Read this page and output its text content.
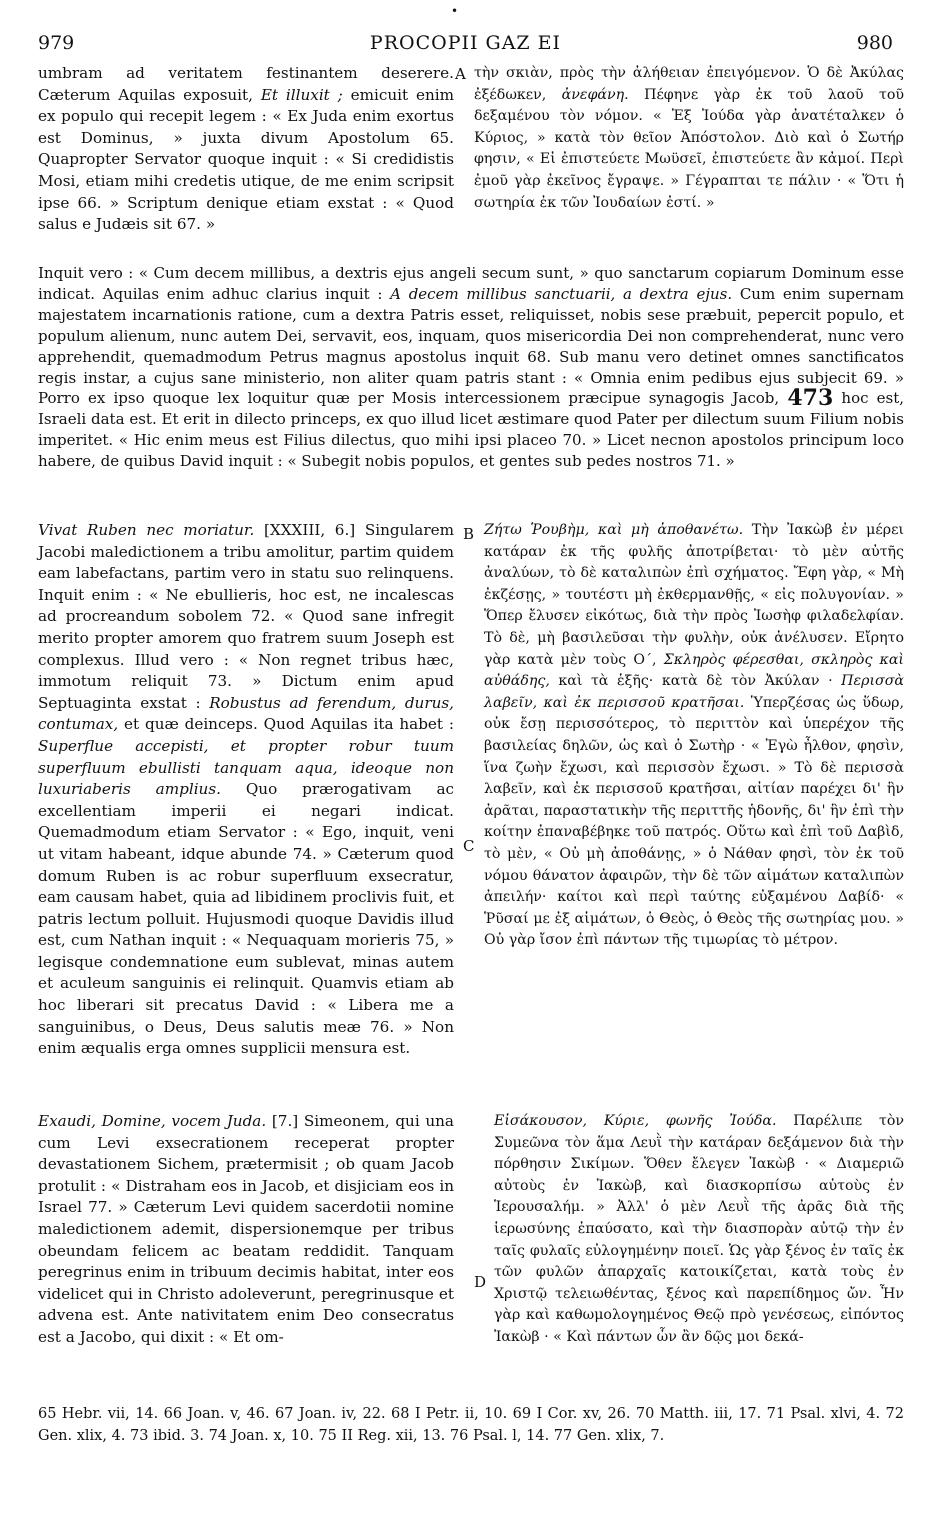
•
979	PROCOPII GAZ EI	980
umbram ad veritatem festinantem deserere. Cæterum Aquilas exposuit, Et illuxit ; emicuit enim ex populo qui recepit legem : « Ex Juda enim exortus est Dominus, » juxta divum Apostolum 65. Quapropter Servator quoque inquit : « Si credidistis Mosi, etiam mihi credetis utique, de me enim scripsit ipse 66. » Scriptum denique etiam exstat : « Quod salus e Judæis sit 67. »
A τὴν σκιὰν, πρὸς τὴν ἀλήθειαν ἐπειγόμενον. Ὁ δὲ Ἀκύλας ἐξέδωκεν, ἀνεφάνη. Πέφηνε γὰρ ἐκ τοῦ λαοῦ τοῦ δεξαμένου τὸν νόμον. « Ἐξ Ἰούδα γὰρ ἀνατέταλκεν ὁ Κύριος, » κατὰ τὸν θεῖον Ἀπόστολον. Διὸ καὶ ὁ Σωτήρ φησιν, « Εἰ ἐπιστεύετε Μωϋσεῖ, ἐπιστεύετε ἂν κἀμοί. Περὶ ἐμοῦ γὰρ ἐκεῖνος ἔγραψε. » Γέγραπται τε πάλιν · « Ὅτι ἡ σωτηρία ἐκ τῶν Ἰουδαίων ἐστί. »
Inquit vero : « Cum decem millibus, a dextris ejus angeli secum sunt, » quo sanctarum copiarum Dominum esse indicat. Aquilas enim adhuc clarius inquit : A decem millibus sanctuarii, a dextra ejus. Cum enim supernam majestatem incarnationis ratione, cum a dextra Patris esset, reliquisset, nobis sese præbuit, pepercit populo, et populum alienum, nunc autem Dei, servavit, eos, inquam, quos misericordia Dei non comprehenderat, nunc vero apprehendit, quemadmodum Petrus magnus apostolus inquit 68. Sub manu vero detinet omnes sanctificatos regis instar, a cujus sane ministerio, non aliter quam patris stant : « Omnia enim pedibus ejus subjecit 69. » Porro ex ipso quoque lex loquitur quæ per Mosis intercessionem præcipue synagogis Jacob, 473 hoc est, Israeli data est. Et erit in dilecto princeps, ex quo illud licet æstimare quod Pater per dilectum suum Filium nobis imperitet. « Hic enim meus est Filius dilectus, quo mihi ipsi placeo 70. » Licet necnon apostolos principum loco habere, de quibus David inquit : « Subegit nobis populos, et gentes sub pedes nostros 71. »
Vivat Ruben nec moriatur. [XXXIII, 6.] Singularem Jacobi maledictionem a tribu amolitur, partim quidem eam labefactans, partim vero in statu suo relinquens. Inquit enim : « Ne ebullieris, hoc est, ne incalescas ad procreandum sobolem 72. « Quod sane infregit merito propter amorem quo fratrem suum Joseph est complexus. Illud vero : « Non regnet tribus hæc, immotum reliquit 73. » Dictum enim apud Septuaginta exstat : Robustus ad ferendum, durus, contumax, et quæ deinceps. Quod Aquilas ita habet : Superflue accepisti, et propter robur tuum superfluum ebullisti tanquam aqua, ideoque non luxuriaberis amplius. Quo prærogativam ac excellentiam imperii ei negari indicat. Quemadmodum etiam Servator : « Ego, inquit, veni ut vitam habeant, idque abunde 74. » Cæterum quod domum Ruben is ac robur superfluum exsecratur, eam causam habet, quia ad libidinem proclivis fuit, et patris lectum polluit. Hujusmodi quoque Davidis illud est, cum Nathan inquit : « Nequaquam morieris 75, » legisque condemnatione eum sublevat, minas autem et aculeum sanguinis ei relinquit. Quamvis etiam ab hoc liberari sit precatus David : « Libera me a sanguinibus, o Deus, Deus salutis meæ 76. » Non enim æqualis erga omnes supplicii mensura est.
B
C
Ζήτω Ῥουβὴμ, καὶ μὴ ἀποθανέτω. Τὴν Ἰακὼβ ἐν μέρει κατάραν ἐκ τῆς φυλῆς ἀποτρίβεται· τὸ μὲν αὐτῆς ἀναλύων, τὸ δὲ καταλιπὼν ἐπὶ σχήματος. Ἔφη γὰρ, « Μὴ ἐκζέσῃς, » τουτέστι μὴ ἐκθερμανθῇς, « εἰς πολυγονίαν. » Ὅπερ ἔλυσεν εἰκότως, διὰ τὴν πρὸς Ἰωσὴφ φιλαδελφίαν. Τὸ δὲ, μὴ βασιλεῦσαι τὴν φυλὴν, οὐκ ἀνέλυσεν. Εἴρητο γὰρ κατὰ μὲν τοὺς Ο΄, Σκληρὸς φέρεσθαι, σκληρὸς καὶ αὐθάδης, καὶ τὰ ἑξῆς· κατὰ δὲ τὸν Ἀκύλαν · Περισσὰ λαβεῖν, καὶ ἐκ περισσοῦ κρατῆσαι. Ὑπερζέσας ὡς ὕδωρ, οὐκ ἔσῃ περισσότερος, τὸ περιττὸν καὶ ὑπερέχον τῆς βασιλείας δηλῶν, ὡς καὶ ὁ Σωτὴρ · « Ἐγὼ ἦλθον, φησὶν, ἵνα ζωὴν ἔχωσι, καὶ περισσὸν ἔχωσι. » Τὸ δὲ περισσὰ λαβεῖν, καὶ ἐκ περισσοῦ κρατῆσαι, αἰτίαν παρέχει δι' ἣν ἀρᾶται, παραστατικὴν τῆς περιττῆς ἡδονῆς, δι' ἣν ἐπὶ τὴν κοίτην ἐπαναβέβηκε τοῦ πατρός. Οὕτω καὶ ἐπὶ τοῦ Δαβὶδ, τὸ μὲν, « Οὐ μὴ ἀποθάνῃς, » ὁ Νάθαν φησὶ, τὸν ἐκ τοῦ νόμου θάνατον ἀφαιρῶν, τὴν δὲ τῶν αἱμάτων καταλιπὼν ἀπειλήν· καίτοι καὶ περὶ ταύτης εὐξαμένου Δαβίδ· « Ῥῦσαί με ἐξ αἱμάτων, ὁ Θεὸς, ὁ Θεὸς τῆς σωτηρίας μου. » Οὐ γὰρ ἴσον ἐπὶ πάντων τῆς τιμωρίας τὸ μέτρον.
Exaudi, Domine, vocem Juda. [7.] Simeonem, qui una cum Levi exsecrationem receperat propter devastationem Sichem, prætermisit ; ob quam Jacob protulit : « Distraham eos in Jacob, et disjiciam eos in Israel 77. » Cæterum Levi quidem sacerdotii nomine maledictionem ademit, dispersionemque per tribus obeundam felicem ac beatam reddidit. Tanquam peregrinus enim in tribuum decimis habitat, inter eos videlicet qui in Christo adoleverunt, peregrinusque et advena est. Ante nativitatem enim Deo consecratus est a Jacobo, qui dixit : « Et om-
D
Εἰσάκουσον, Κύριε, φωνῆς Ἰούδα. Παρέλιπε τὸν Συμεῶνα τὸν ἅμα Λευῒ τὴν κατάραν δεξάμενον διὰ τὴν πόρθησιν Σικίμων. Ὅθεν ἔλεγεν Ἰακὼβ · « Διαμεριῶ αὐτοὺς ἐν Ἰακὼβ, καὶ διασκορπίσω αὐτοὺς ἐν Ἱερουσαλήμ. » Ἀλλ' ὁ μὲν Λευῒ τῆς ἀρᾶς διὰ τῆς ἱερωσύνης ἐπαύσατο, καὶ τὴν διασπορὰν αὐτῷ τὴν ἐν ταῖς φυλαῖς εὐλογημένην ποιεῖ. Ὡς γὰρ ξένος ἐν ταῖς ἐκ τῶν φυλῶν ἀπαρχαῖς κατοικίζεται, κατὰ τοὺς ἐν Χριστῷ τελειωθέντας, ξένος καὶ παρεπίδημος ὤν. Ἦν γὰρ καὶ καθωμολογημένος Θεῷ πρὸ γενέσεως, εἰπόντος Ἰακὼβ · « Καὶ πάντων ὧν ἂν δῷς μοι δεκά-
65 Hebr. vii, 14. 66 Joan. v, 46. 67 Joan. iv, 22. 68 I Petr. ii, 10. 69 I Cor. xv, 26. 70 Matth. iii, 17. 71 Psal. xlvi, 4. 72 Gen. xlix, 4. 73 ibid. 3. 74 Joan. x, 10. 75 II Reg. xii, 13. 76 Psal. l, 14. 77 Gen. xlix, 7.
